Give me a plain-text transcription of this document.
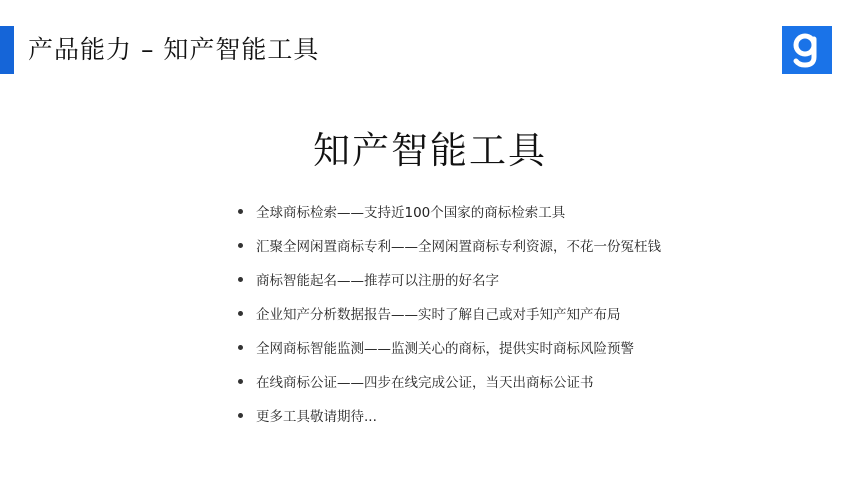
产品能力 – 知产智能工具
知产智能工具
全球商标检索——支持近100个国家的商标检索工具
汇聚全网闲置商标专利——全网闲置商标专利资源，不花一份冤枉钱
商标智能起名——推荐可以注册的好名字
企业知产分析数据报告——实时了解自己或对手知产知产布局
全网商标智能监测——监测关心的商标，提供实时商标风险预警
在线商标公证——四步在线完成公证，当天出商标公证书
更多工具敬请期待...
